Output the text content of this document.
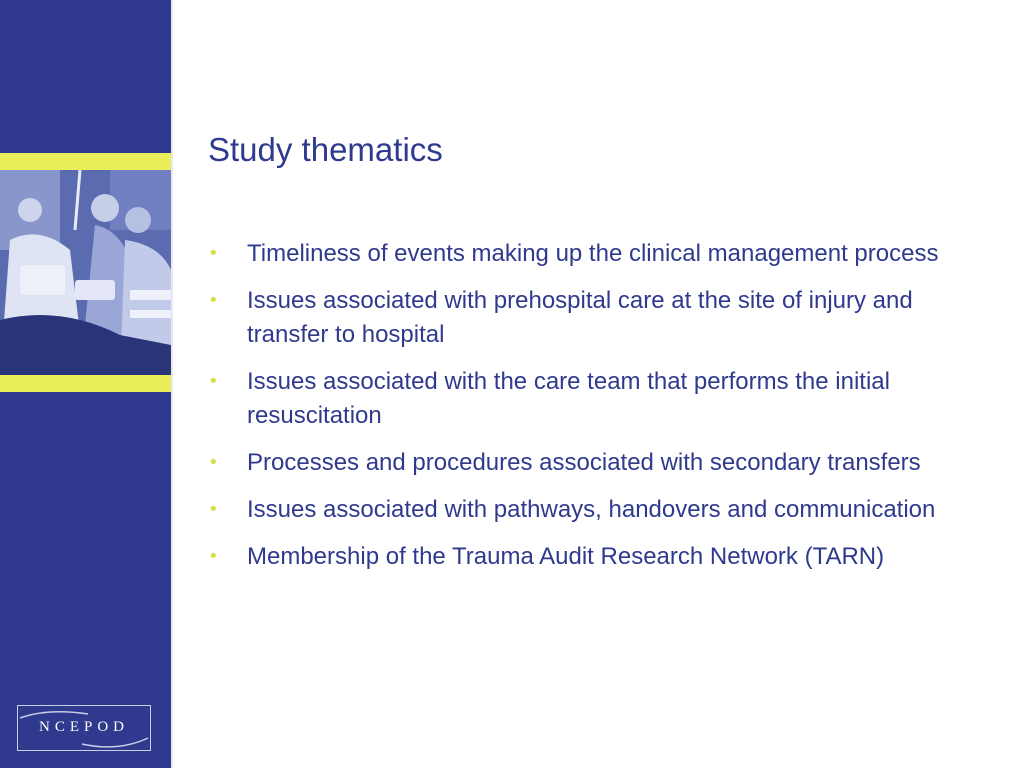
NCEPOD
Study thematics
• Timeliness of events making up the clinical management process
• Issues associated with prehospital care at the site of injury and transfer to hospital
• Issues associated with the care team that performs the initial resuscitation
• Processes and procedures associated with secondary transfers
• Issues associated with pathways, handovers and communication
• Membership of the Trauma Audit Research Network (TARN)
